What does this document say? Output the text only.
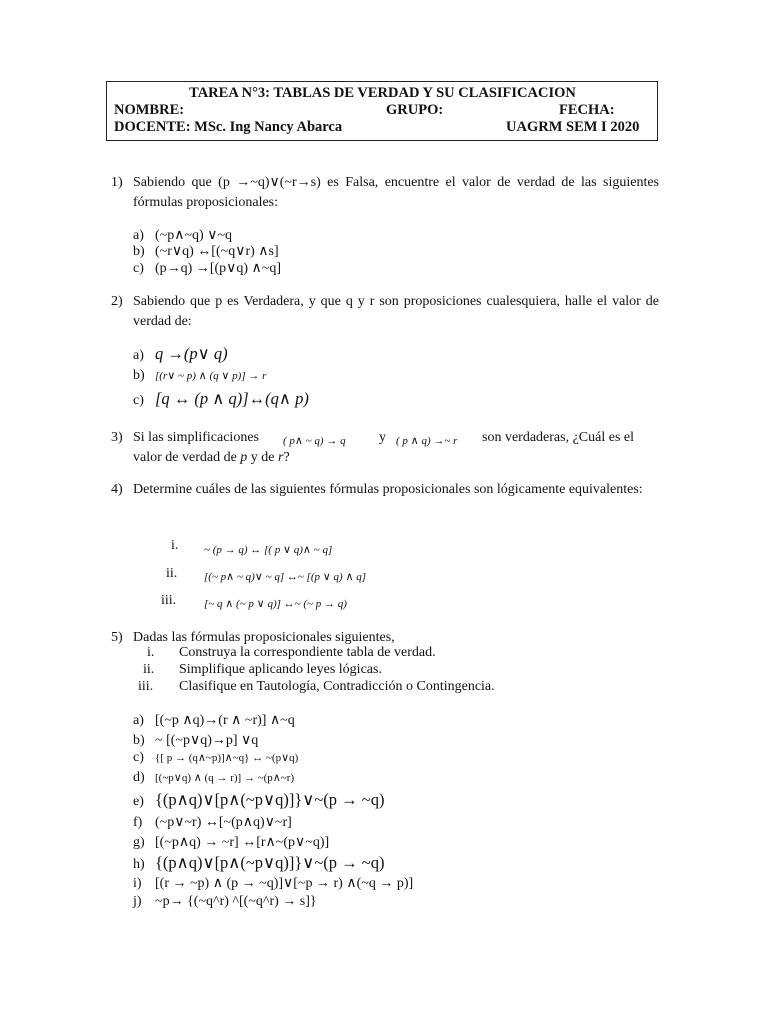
TAREA N°3: TABLAS DE VERDAD Y SU CLASIFICACION
NOMBRE:	GRUPO:	FECHA:
DOCENTE: MSc. Ing Nancy Abarca	UAGRM SEM I 2020
1) Sabiendo que (p →~q)∨(~r→s) es Falsa, encuentre el valor de verdad de las siguientes fórmulas proposicionales:
a) (~p∧~q) ∨~q
b) (~r∨q) ↔[(~q∨r) ∧s]
c) (p→q) →[(p∨q) ∧~q]
2) Sabiendo que p es Verdadera, y que q y r son proposiciones cualesquiera, halle el valor de verdad de:
a) q →(p∨ q)
b) [(r∨ ~ p) ∧ (q ∨ p)] → r
c) [q ↔ (p ∧ q)]↔(q∧ p)
3) Si las simplificaciones ( p∧ ~ q) → q y ( p ∧ q) →~ r son verdaderas, ¿Cuál es el
valor de verdad de p y de r?
4) Determine cuáles de las siguientes fórmulas proposicionales son lógicamente equivalentes:
i. ~ (p → q) ↔ [( p ∨ q)∧ ~ q]
ii. [(~ p∧ ~ q)∨ ~ q] ↔~ [(p ∨ q) ∧ q]
iii.	[~ q ∧ (~ p ∨ q)] ↔~ (~ p → q)
5) Dadas las fórmulas proposicionales siguientes,
i. Construya la correspondiente tabla de verdad.
ii. Simplifique aplicando leyes lógicas.
iii. Clasifique en Tautología, Contradicción o Contingencia.
a) [(~p ∧q)→(r ∧ ~r)] ∧~q
b) ~ [(~p∨q)→p] ∨q
c) {[ p → (q∧~p)]∧~q} ↔ ~(p∨q)
d) [(~p∨q) ∧ (q → r)] → ~(p∧~r)
e) {(p∧q)∨[p∧(~p∨q)]}∨~(p → ~q)
f) (~p∨~r) ↔[~(p∧q)∨~r]
g) [(~p∧q) → ~r] ↔[r∧~(p∨~q)]
h) {(p∧q)∨[p∧(~p∨q)]}∨~(p → ~q)
i) [(r → ~p) ∧ (p → ~q)]∨[~p → r) ∧(~q → p)]
j) ~p→ {(~q^r) ^[(~q^r) → s]}
